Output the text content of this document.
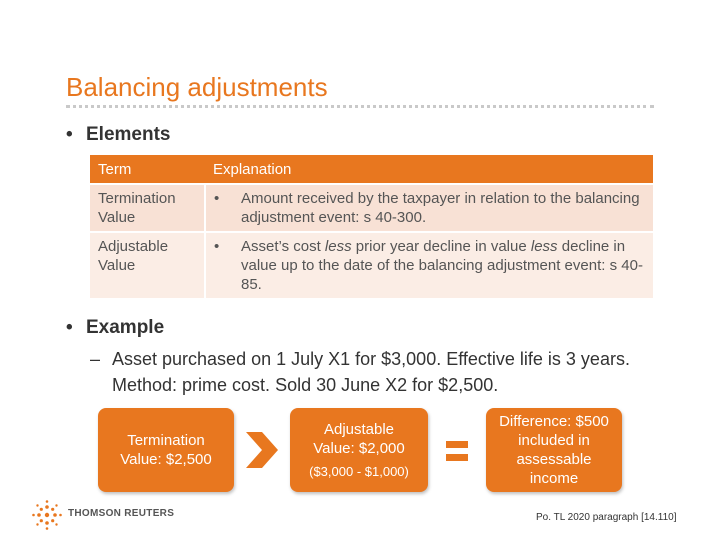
Balancing adjustments
• Elements
Term	Explanation
Termination Value	• Amount received by the taxpayer in relation to the balancing adjustment event: s 40-300.

Adjustable Value	• Asset’s cost less prior year decline in value less decline in value up to the date of the balancing adjustment event: s 40-85.
• Example
– Asset purchased on 1 July X1 for $3,000. Effective life is 3 years. Method: prime cost. Sold 30 June X2 for $2,500.
Termination Value: $2,500
Adjustable Value: $2,000
($3,000 - $1,000)
Difference: $500 included in assessable income
THOMSON REUTERS	Po. TL 2020 paragraph [14.110]
